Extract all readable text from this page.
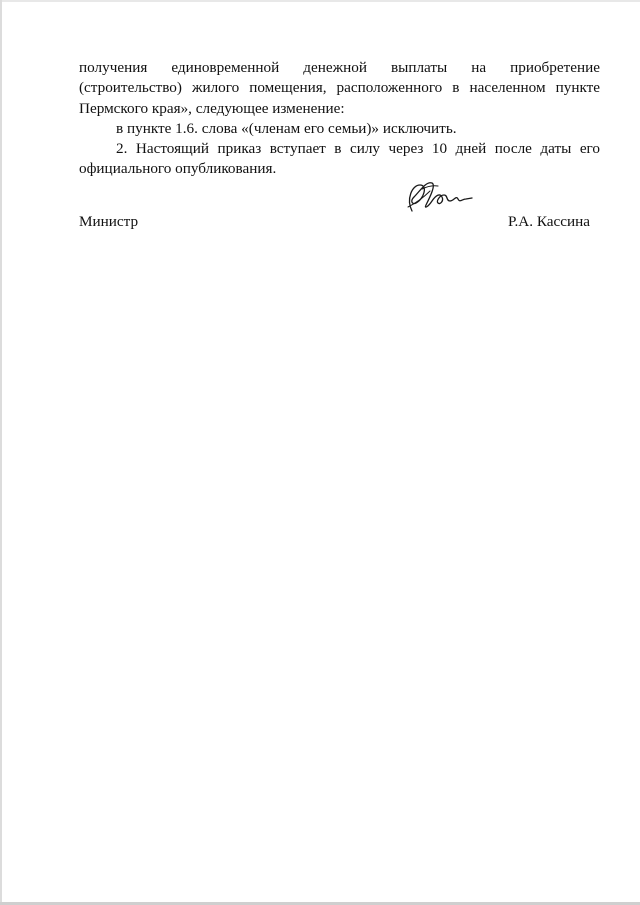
получения единовременной денежной выплаты на приобретение (строительство) жилого помещения, расположенного в населенном пункте Пермского края», следующее изменение:

в пункте 1.6. слова «(членам его семьи)» исключить.

2. Настоящий приказ вступает в силу через 10 дней после даты его официального опубликования.

Министр	Р.А. Кассина
